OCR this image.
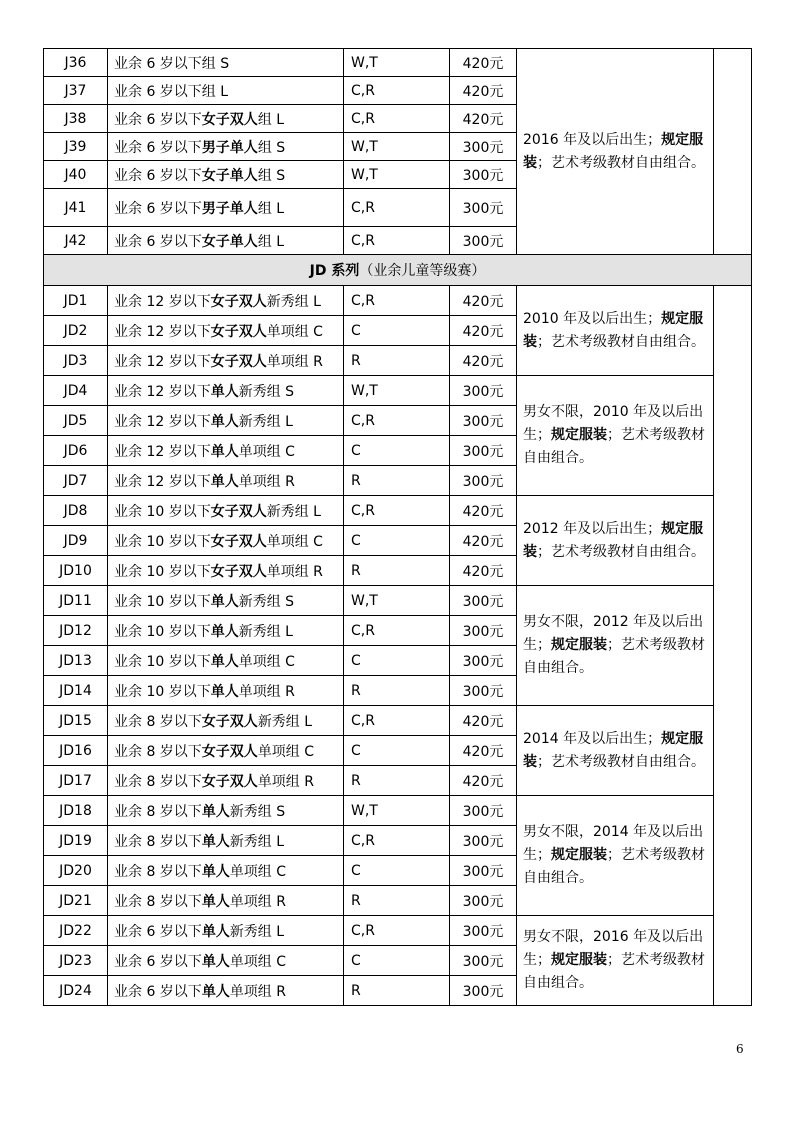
J36	业余 6 岁以下组 S	W,T	420元	2016 年及以后出生；规定服装；艺术考级教材自由组合。	
J37	业余 6 岁以下组 L	C,R	420元		
J38	业余 6 岁以下女子双人组 L	C,R	420元		
J39	业余 6 岁以下男子单人组 S	W,T	300元		
J40	业余 6 岁以下女子单人组 S	W,T	300元		
J41	业余 6 岁以下男子单人组 L	C,R	300元		
J42	业余 6 岁以下女子单人组 L	C,R	300元		
JD 系列（业余儿童等级赛）					
JD1	业余 12 岁以下女子双人新秀组 L	C,R	420元	2010 年及以后出生；规定服装；艺术考级教材自由组合。	
JD2	业余 12 岁以下女子双人单项组 C	C	420元		
JD3	业余 12 岁以下女子双人单项组 R	R	420元		
JD4	业余 12 岁以下单人新秀组 S	W,T	300元	男女不限，2010 年及以后出生；规定服装；艺术考级教材自由组合。	
JD5	业余 12 岁以下单人新秀组 L	C,R	300元		
JD6	业余 12 岁以下单人单项组 C	C	300元		
JD7	业余 12 岁以下单人单项组 R	R	300元		
JD8	业余 10 岁以下女子双人新秀组 L	C,R	420元	2012 年及以后出生；规定服装；艺术考级教材自由组合。	
JD9	业余 10 岁以下女子双人单项组 C	C	420元		
JD10	业余 10 岁以下女子双人单项组 R	R	420元		
JD11	业余 10 岁以下单人新秀组 S	W,T	300元	男女不限，2012 年及以后出生；规定服装；艺术考级教材自由组合。	
JD12	业余 10 岁以下单人新秀组 L	C,R	300元		
JD13	业余 10 岁以下单人单项组 C	C	300元		
JD14	业余 10 岁以下单人单项组 R	R	300元		
JD15	业余 8 岁以下女子双人新秀组 L	C,R	420元	2014 年及以后出生；规定服装；艺术考级教材自由组合。	
JD16	业余 8 岁以下女子双人单项组 C	C	420元		
JD17	业余 8 岁以下女子双人单项组 R	R	420元		
JD18	业余 8 岁以下单人新秀组 S	W,T	300元	男女不限，2014 年及以后出生；规定服装；艺术考级教材自由组合。	
JD19	业余 8 岁以下单人新秀组 L	C,R	300元		
JD20	业余 8 岁以下单人单项组 C	C	300元		
JD21	业余 8 岁以下单人单项组 R	R	300元		
JD22	业余 6 岁以下单人新秀组 L	C,R	300元	男女不限，2016 年及以后出生；规定服装；艺术考级教材自由组合。	
JD23	业余 6 岁以下单人单项组 C	C	300元		
JD24	业余 6 岁以下单人单项组 R	R	300元		
6
